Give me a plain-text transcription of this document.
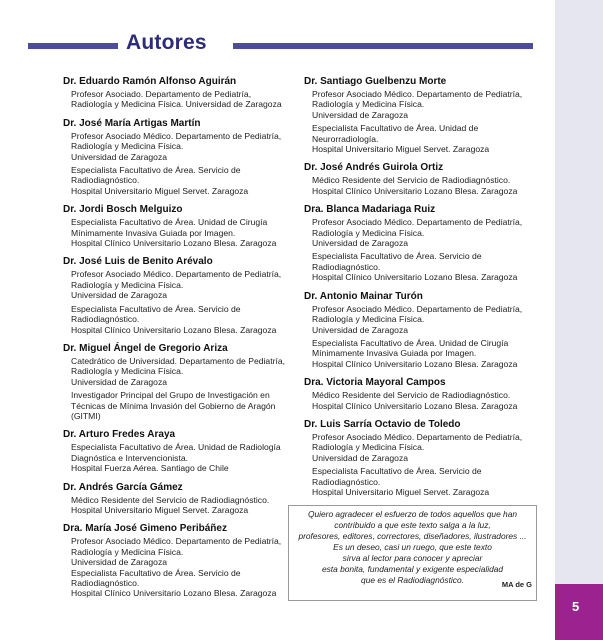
5
Autores
Dr. Eduardo Ramón Alfonso Aguirán
Profesor Asociado. Departamento de Pediatría,
Radiología y Medicina Física. Universidad de Zaragoza
Dr. José María Artigas Martín
Profesor Asociado Médico. Departamento de Pediatría,
Radiología y Medicina Física.
Universidad de Zaragoza
Especialista Facultativo de Área. Servicio de
Radiodiagnóstico.
Hospital Universitario Miguel Servet. Zaragoza
Dr. Jordi Bosch Melguizo
Especialista Facultativo de Área. Unidad de Cirugía
Mínimamente Invasiva Guiada por Imagen.
Hospital Clínico Universitario Lozano Blesa. Zaragoza
Dr. José Luis de Benito Arévalo
Profesor Asociado Médico. Departamento de Pediatría,
Radiología y Medicina Física.
Universidad de Zaragoza
Especialista Facultativo de Área. Servicio de
Radiodiagnóstico.
Hospital Clínico Universitario Lozano Blesa. Zaragoza
Dr. Miguel Ángel de Gregorio Ariza
Catedrático de Universidad. Departamento de Pediatría,
Radiología y Medicina Física.
Universidad de Zaragoza
Investigador Principal del Grupo de Investigación en
Técnicas de Mínima Invasión del Gobierno de Aragón
(GITMI)
Dr. Arturo Fredes Araya
Especialista Facultativo de Área. Unidad de Radiología
Diagnóstica e Intervencionista.
Hospital Fuerza Aérea. Santiago de Chile
Dr. Andrés García Gámez
Médico Residente del Servicio de Radiodiagnóstico.
Hospital Universitario Miguel Servet. Zaragoza
Dra. María José Gimeno Peribáñez
Profesor Asociado Médico. Departamento de Pediatría,
Radiología y Medicina Física.
Universidad de Zaragoza
Especialista Facultativo de Área. Servicio de
Radiodiagnóstico.
Hospital Clínico Universitario Lozano Blesa. Zaragoza
Dr. Santiago Guelbenzu Morte
Profesor Asociado Médico. Departamento de Pediatría,
Radiología y Medicina Física.
Universidad de Zaragoza
Especialista Facultativo de Área. Unidad de
Neurorradiología.
Hospital Universitario Miguel Servet. Zaragoza
Dr. José Andrés Guirola Ortiz
Médico Residente del Servicio de Radiodiagnóstico.
Hospital Clínico Universitario Lozano Blesa. Zaragoza
Dra. Blanca Madariaga Ruiz
Profesor Asociado Médico. Departamento de Pediatría,
Radiología y Medicina Física.
Universidad de Zaragoza
Especialista Facultativo de Área. Servicio de
Radiodiagnóstico.
Hospital Clínico Universitario Lozano Blesa. Zaragoza
Dr. Antonio Mainar Turón
Profesor Asociado Médico. Departamento de Pediatría,
Radiología y Medicina Física.
Universidad de Zaragoza
Especialista Facultativo de Área. Unidad de Cirugía
Mínimamente Invasiva Guiada por Imagen.
Hospital Clínico Universitario Lozano Blesa. Zaragoza
Dra. Victoria Mayoral Campos
Médico Residente del Servicio de Radiodiagnóstico.
Hospital Clínico Universitario Lozano Blesa. Zaragoza
Dr. Luis Sarría Octavio de Toledo
Profesor Asociado Médico. Departamento de Pediatría,
Radiología y Medicina Física.
Universidad de Zaragoza
Especialista Facultativo de Área. Servicio de
Radiodiagnóstico.
Hospital Universitario Miguel Servet. Zaragoza
Quiero agradecer el esfuerzo de todos aquellos que han
contribuido a que este texto salga a la luz,
profesores, editores, correctores, diseñadores, ilustradores ...
Es un deseo, casi un ruego, que este texto
sirva al lector para conocer y apreciar
esta bonita, fundamental y exigente especialidad
que es el Radiodiagnóstico.	MA de G
